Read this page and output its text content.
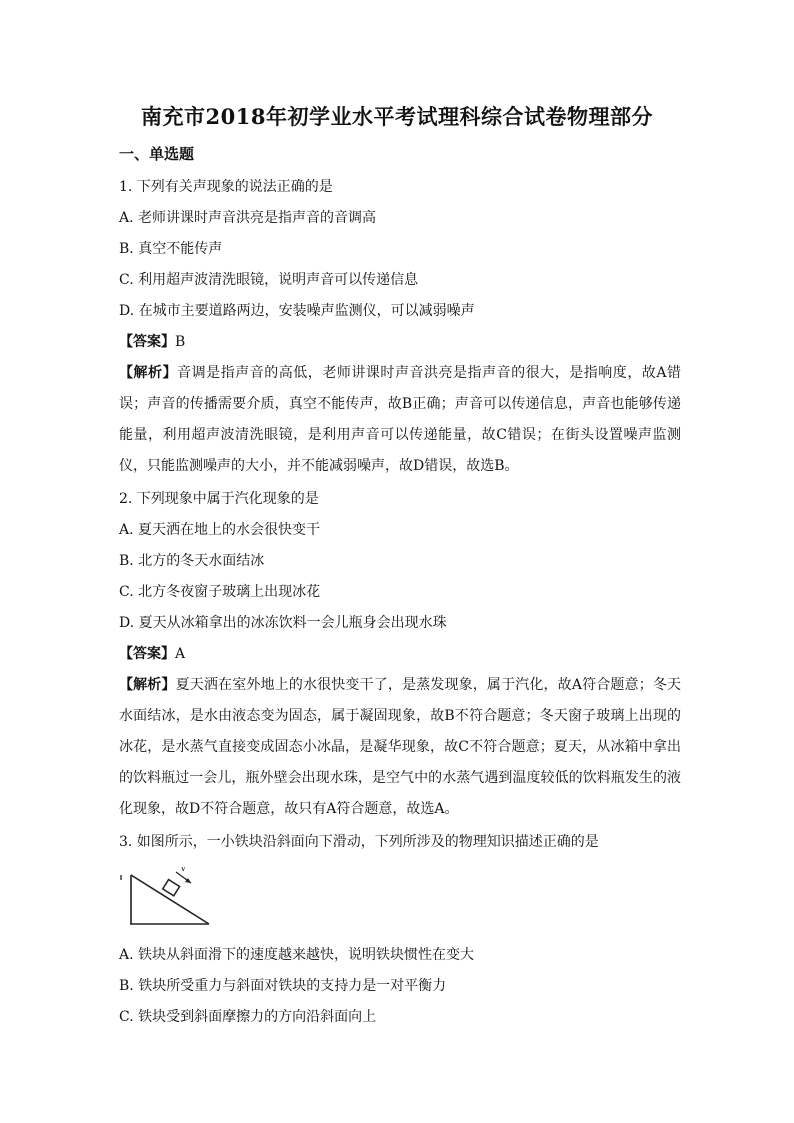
南充市2018年初学业水平考试理科综合试卷物理部分
一、单选题
1. 下列有关声现象的说法正确的是
A. 老师讲课时声音洪亮是指声音的音调高
B. 真空不能传声
C. 利用超声波清洗眼镜，说明声音可以传递信息
D. 在城市主要道路两边，安装噪声监测仪，可以减弱噪声
【答案】B
【解析】音调是指声音的高低，老师讲课时声音洪亮是指声音的很大，是指响度，故A错误；声音的传播需要介质，真空不能传声，故B正确；声音可以传递信息，声音也能够传递能量，利用超声波清洗眼镜，是利用声音可以传递能量，故C错误；在街头设置噪声监测仪，只能监测噪声的大小，并不能减弱噪声，故D错误，故选B。
2. 下列现象中属于汽化现象的是
A. 夏天洒在地上的水会很快变干
B. 北方的冬天水面结冰
C. 北方冬夜窗子玻璃上出现冰花
D. 夏天从冰箱拿出的冰冻饮料一会儿瓶身会出现水珠
【答案】A
【解析】夏天洒在室外地上的水很快变干了，是蒸发现象，属于汽化，故A符合题意；冬天水面结冰，是水由液态变为固态，属于凝固现象，故B不符合题意；冬天窗子玻璃上出现的冰花，是水蒸气直接变成固态小冰晶，是凝华现象，故C不符合题意；夏天，从冰箱中拿出的饮料瓶过一会儿，瓶外壁会出现水珠，是空气中的水蒸气遇到温度较低的饮料瓶发生的液化现象，故D不符合题意，故只有A符合题意，故选A。
3. 如图所示，一小铁块沿斜面向下滑动，下列所涉及的物理知识描述正确的是
v
A. 铁块从斜面滑下的速度越来越快，说明铁块惯性在变大
B. 铁块所受重力与斜面对铁块的支持力是一对平衡力
C. 铁块受到斜面摩擦力的方向沿斜面向上
